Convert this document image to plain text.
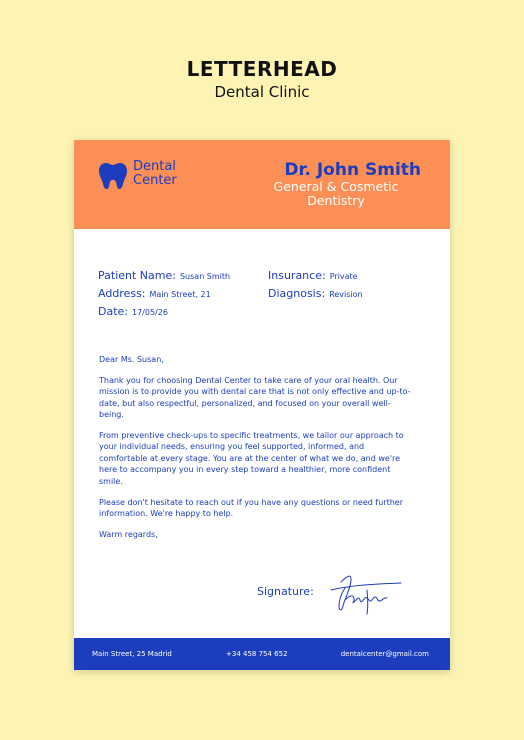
LETTERHEAD
Dental Clinic
Dental
Center
Dr. John Smith
General & Cosmetic
Dentistry
Patient Name: Susan Smith
Address: Main Street, 21
Date: 17/05/26
Insurance: Private
Diagnosis: Revision

Dear Ms. Susan,

Thank you for choosing Dental Center to take care of your oral health. Our mission is to provide you with dental care that is not only effective and up-to-date, but also respectful, personalized, and focused on your overall well-being.

From preventive check-ups to specific treatments, we tailor our approach to your individual needs, ensuring you feel supported, informed, and comfortable at every stage. You are at the center of what we do, and we're here to accompany you in every step toward a healthier, more confident smile.

Please don't hesitate to reach out if you have any questions or need further information. We're happy to help.

Warm regards,

Signature:
Main Street, 25 Madrid	+34 458 754 652	dentalcenter@gmail.com
